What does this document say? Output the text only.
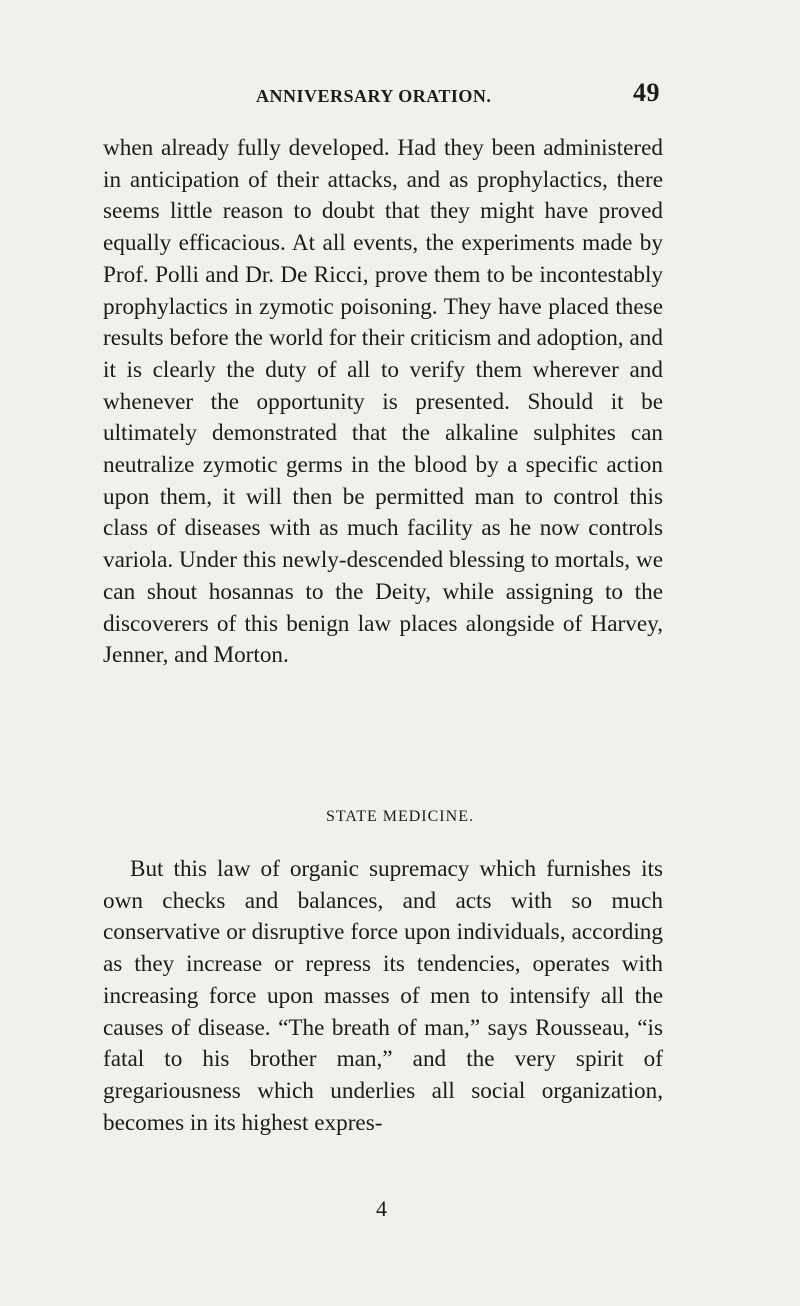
ANNIVERSARY ORATION.	49

when already fully developed. Had they been administered in anticipation of their attacks, and as prophylactics, there seems little reason to doubt that they might have proved equally efficacious. At all events, the experiments made by Prof. Polli and Dr. De Ricci, prove them to be incontestably prophylactics in zymotic poisoning. They have placed these results before the world for their criticism and adoption, and it is clearly the duty of all to verify them wherever and whenever the opportunity is presented. Should it be ultimately demonstrated that the alkaline sulphites can neutralize zymotic germs in the blood by a specific action upon them, it will then be permitted man to control this class of diseases with as much facility as he now controls variola. Under this newly-descended blessing to mortals, we can shout hosannas to the Deity, while assigning to the discoverers of this benign law places alongside of Harvey, Jenner, and Morton.

STATE MEDICINE.

But this law of organic supremacy which furnishes its own checks and balances, and acts with so much conservative or disruptive force upon individuals, according as they increase or repress its tendencies, operates with increasing force upon masses of men to intensify all the causes of disease. “The breath of man,” says Rousseau, “is fatal to his brother man,” and the very spirit of gregariousness which underlies all social organization, becomes in its highest expres-

4
